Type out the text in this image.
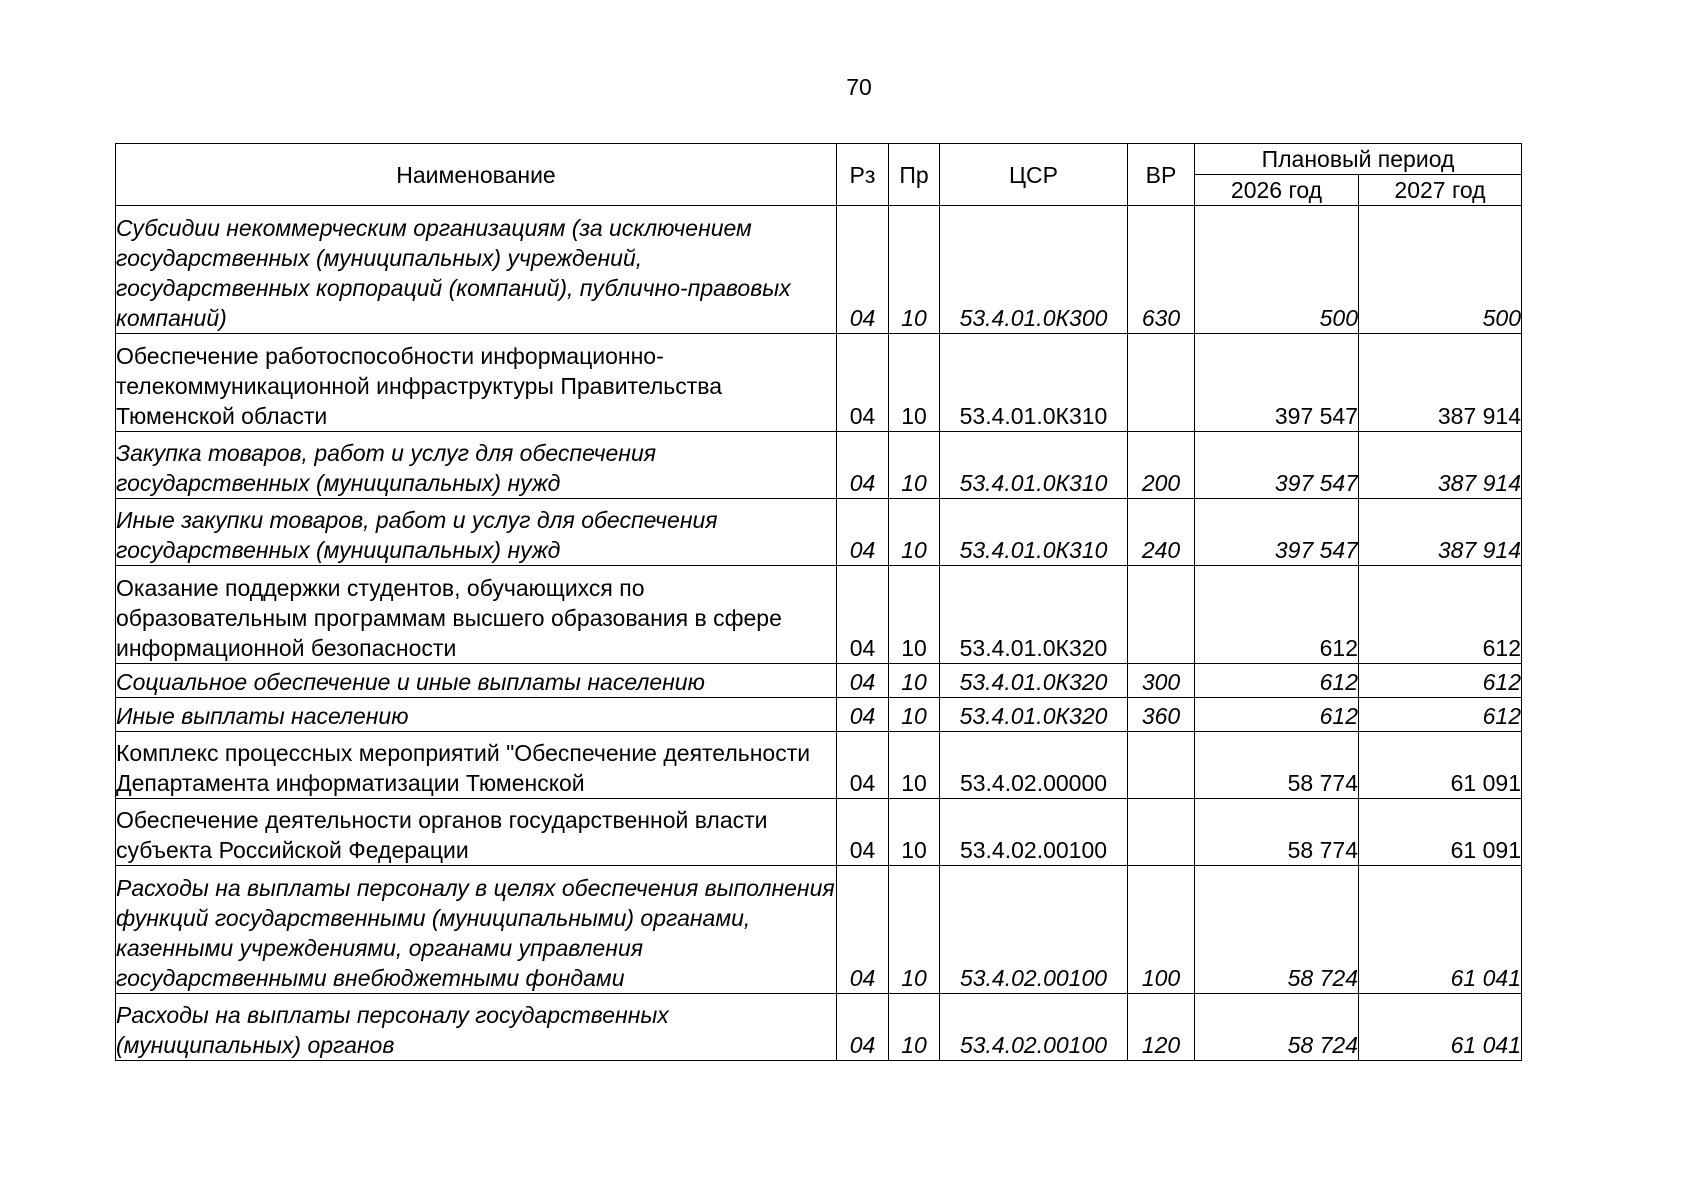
70
Наименование	Рз	Пр	ЦСР	ВР	Плановый период	
					2026 год	2027 год
Субсидии некоммерческим организациям (за исключением государственных (муниципальных) учреждений, государственных корпораций (компаний), публично-правовых компаний)	04	10	53.4.01.0К300	630	500	500
Обеспечение работоспособности информационно-телекоммуникационной инфраструктуры Правительства Тюменской области	04	10	53.4.01.0К310		397 547	387 914
Закупка товаров, работ и услуг для обеспечения государственных (муниципальных) нужд	04	10	53.4.01.0К310	200	397 547	387 914
Иные закупки товаров, работ и услуг для обеспечения государственных (муниципальных) нужд	04	10	53.4.01.0К310	240	397 547	387 914
Оказание поддержки студентов, обучающихся по образовательным программам высшего образования в сфере информационной безопасности	04	10	53.4.01.0К320		612	612
Социальное обеспечение и иные выплаты населению	04	10	53.4.01.0К320	300	612	612
Иные выплаты населению	04	10	53.4.01.0К320	360	612	612

Комплекс процессных мероприятий "Обеспечение деятельности Департамента информатизации Тюменской	04	10	53.4.02.00000		58 774	61 091
Обеспечение деятельности органов государственной власти субъекта Российской Федерации	04	10	53.4.02.00100		58 774	61 091
Расходы на выплаты персоналу в целях обеспечения выполнения функций государственными (муниципальными) органами, казенными учреждениями, органами управления государственными внебюджетными фондами	04	10	53.4.02.00100	100	58 724	61 041
Расходы на выплаты персоналу государственных (муниципальных) органов	04	10	53.4.02.00100	120	58 724	61 041
